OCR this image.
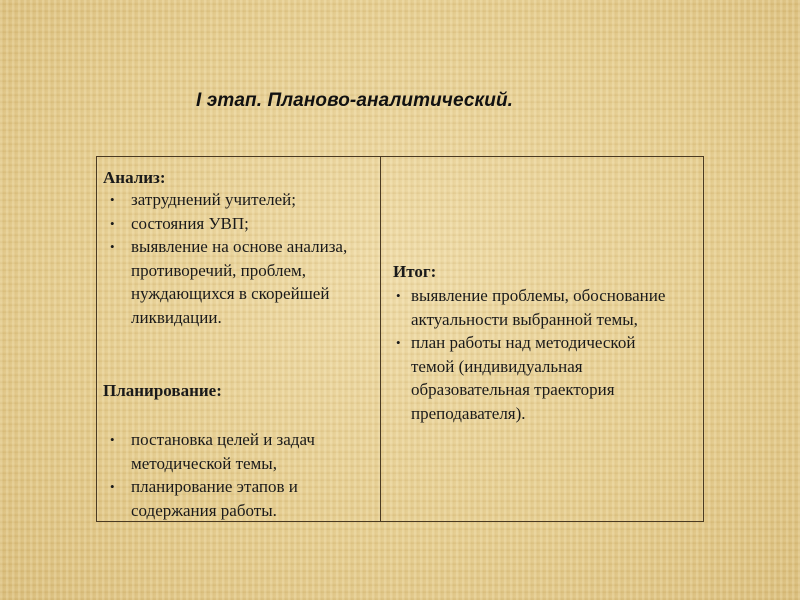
I этап. Планово-аналитический.

Анализ:

• затруднений учителей;
• состояния УВП;
• выявление на основе анализа, противоречий, проблем, нуждающихся в скорейшей ликвидации.

Планирование:

• постановка целей и задач методической темы,
• планирование этапов и содержания работы.

Итог:

• выявление проблемы, обоснование актуальности выбранной темы,
• план работы над методической темой (индивидуальная образовательная траектория преподавателя).
